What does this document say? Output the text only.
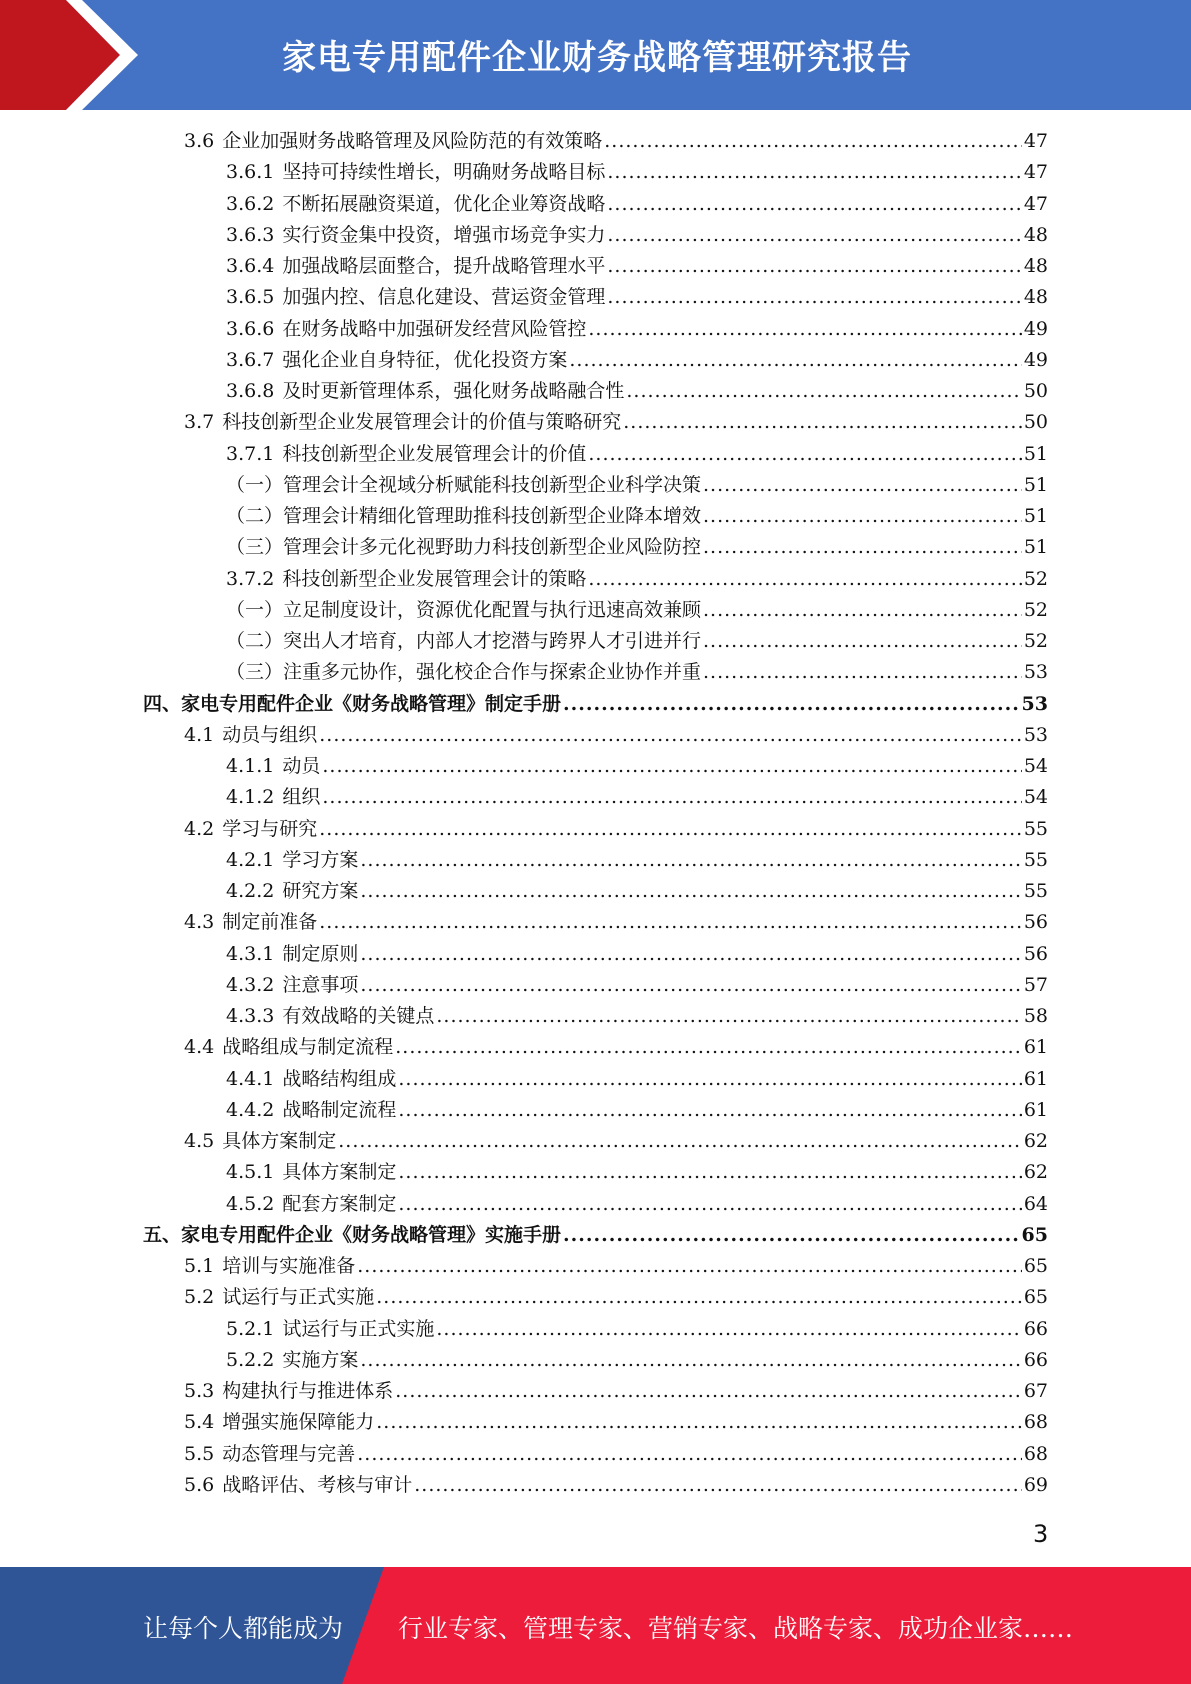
家电专用配件企业财务战略管理研究报告
3.6 企业加强财务战略管理及风险防范的有效策略 .....	47
3.6.1 坚持可持续性增长，明确财务战略目标 .....	47
3.6.2 不断拓展融资渠道，优化企业筹资战略 .....	47
3.6.3 实行资金集中投资，增强市场竞争实力 .....	48
3.6.4 加强战略层面整合，提升战略管理水平 .....	48
3.6.5 加强内控、信息化建设、营运资金管理 .....	48
3.6.6 在财务战略中加强研发经营风险管控 .....	49
3.6.7 强化企业自身特征，优化投资方案 .....	49
3.6.8 及时更新管理体系，强化财务战略融合性 .....	50
3.7 科技创新型企业发展管理会计的价值与策略研究 .....	50
3.7.1 科技创新型企业发展管理会计的价值 .....	51
（一）管理会计全视域分析赋能科技创新型企业科学决策 .....	51
（二）管理会计精细化管理助推科技创新型企业降本增效 .....	51
（三）管理会计多元化视野助力科技创新型企业风险防控 .....	51
3.7.2 科技创新型企业发展管理会计的策略 .....	52
（一）立足制度设计，资源优化配置与执行迅速高效兼顾 .....	52
（二）突出人才培育，内部人才挖潜与跨界人才引进并行 .....	52
（三）注重多元协作，强化校企合作与探索企业协作并重 .....	53
四、家电专用配件企业《财务战略管理》制定手册 .....	53
4.1 动员与组织 .....	53
4.1.1 动员 .....	54
4.1.2 组织 .....	54
4.2 学习与研究 .....	55
4.2.1 学习方案 .....	55
4.2.2 研究方案 .....	55
4.3 制定前准备 .....	56
4.3.1 制定原则 .....	56
4.3.2 注意事项 .....	57
4.3.3 有效战略的关键点 .....	58
4.4 战略组成与制定流程 .....	61
4.4.1 战略结构组成 .....	61
4.4.2 战略制定流程 .....	61
4.5 具体方案制定 .....	62
4.5.1 具体方案制定 .....	62
4.5.2 配套方案制定 .....	64
五、家电专用配件企业《财务战略管理》实施手册 .....	65
5.1 培训与实施准备 .....	65
5.2 试运行与正式实施 .....	65
5.2.1 试运行与正式实施 .....	66
5.2.2 实施方案 .....	66
5.3 构建执行与推进体系 .....	67
5.4 增强实施保障能力 .....	68
5.5 动态管理与完善 .....	68
5.6 战略评估、考核与审计 .....	69
3
让每个人都能成为 行业专家、管理专家、营销专家、战略专家、成功企业家……
